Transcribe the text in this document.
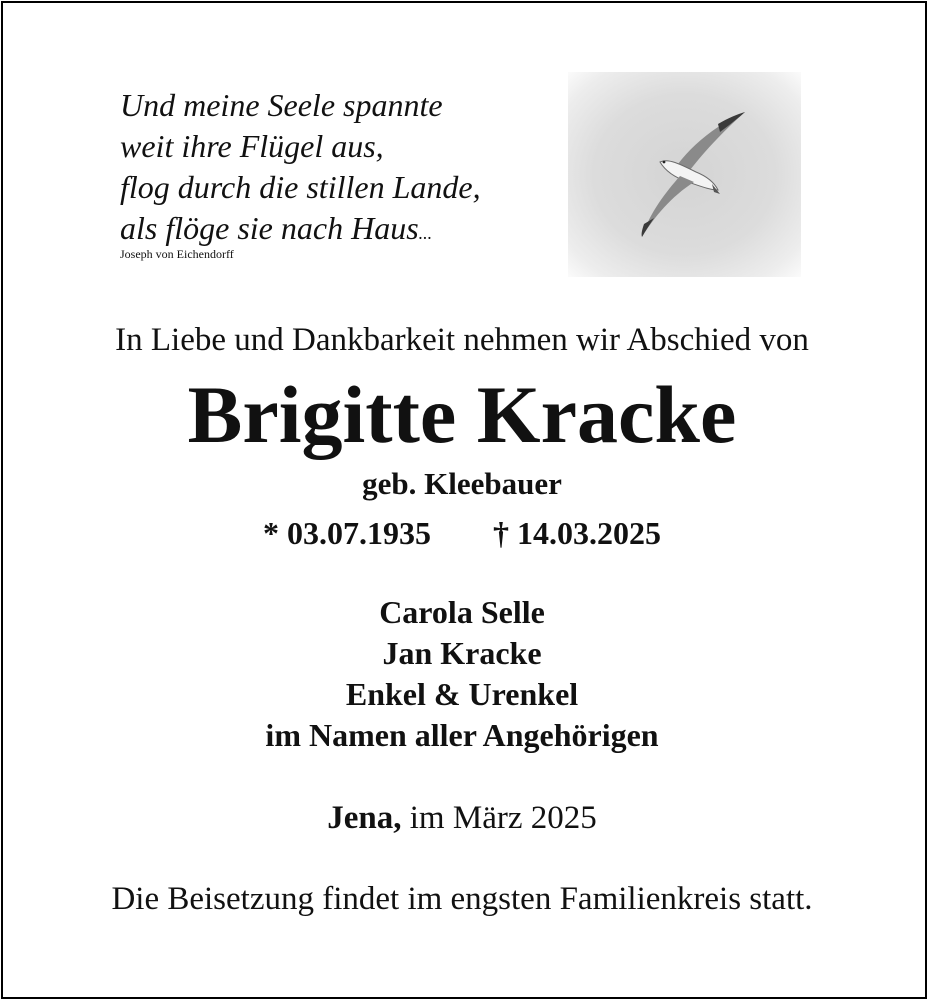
Und meine Seele spannte
weit ihre Flügel aus,
flog durch die stillen Lande,
als flöge sie nach Haus...
Joseph von Eichendorff
In Liebe und Dankbarkeit nehmen wir Abschied von
Brigitte Kracke
geb. Kleebauer
* 03.07.1935 † 14.03.2025
Carola Selle
Jan Kracke
Enkel & Urenkel
im Namen aller Angehörigen
Jena, im März 2025
Die Beisetzung findet im engsten Familienkreis statt.
